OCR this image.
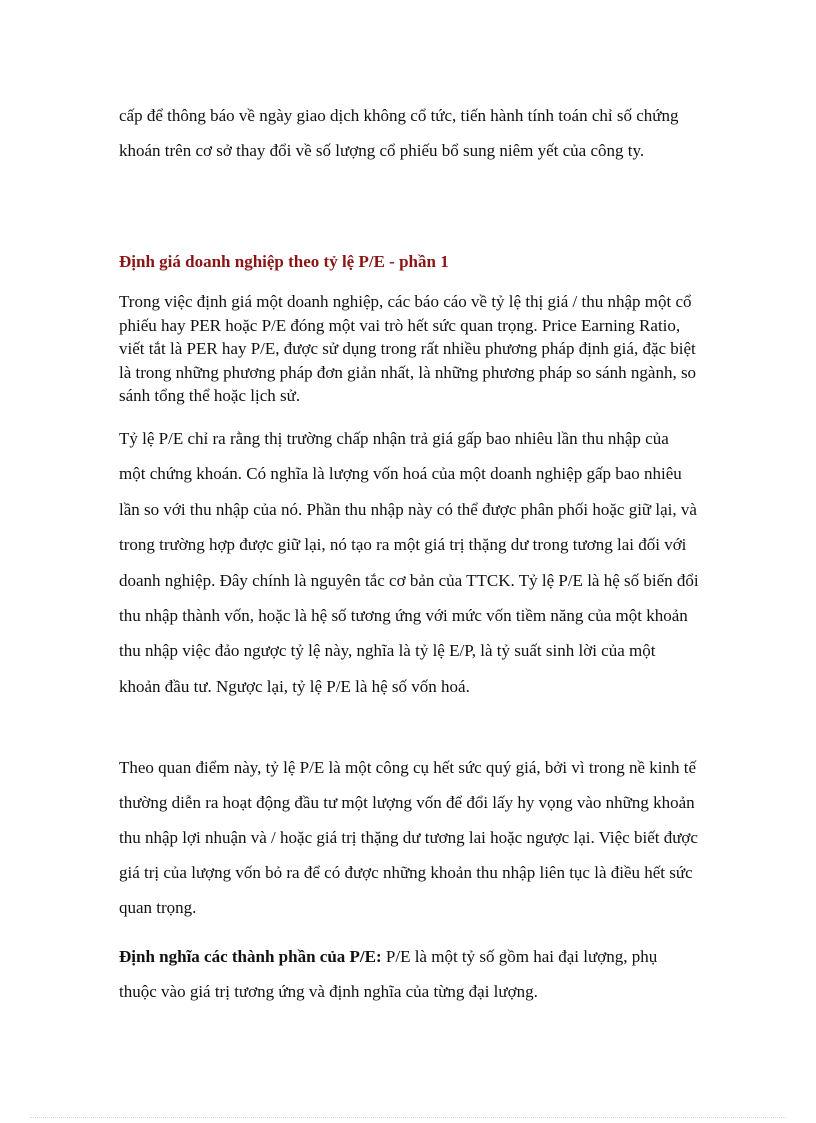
cấp để thông báo về ngày giao dịch không cổ tức, tiến hành tính toán chỉ số chứng khoán trên cơ sở thay đổi về số lượng cổ phiếu bổ sung niêm yết của công ty.

Định giá doanh nghiệp theo tỷ lệ P/E - phần 1

Trong việc định giá một doanh nghiệp, các báo cáo về tỷ lệ thị giá / thu nhập một cổ phiếu hay PER hoặc P/E đóng một vai trò hết sức quan trọng. Price Earning Ratio, viết tắt là PER hay P/E, được sử dụng trong rất nhiều phương pháp định giá, đặc biệt là trong những phương pháp đơn giản nhất, là những phương pháp so sánh ngành, so sánh tổng thể hoặc lịch sử.

Tỷ lệ P/E chỉ ra rằng thị trường chấp nhận trả giá gấp bao nhiêu lần thu nhập của một chứng khoán. Có nghĩa là lượng vốn hoá của một doanh nghiệp gấp bao nhiêu lần so với thu nhập của nó. Phần thu nhập này có thể được phân phối hoặc giữ lại, và trong trường hợp được giữ lại, nó tạo ra một giá trị thặng dư trong tương lai đối với doanh nghiệp. Đây chính là nguyên tắc cơ bản của TTCK. Tỷ lệ P/E là hệ số biến đổi thu nhập thành vốn, hoặc là hệ số tương ứng với mức vốn tiềm năng của một khoản thu nhập việc đảo ngược tỷ lệ này, nghĩa là tỷ lệ E/P, là tỷ suất sinh lời của một khoản đầu tư. Ngược lại, tỷ lệ P/E là hệ số vốn hoá.

Theo quan điểm này, tỷ lệ P/E là một công cụ hết sức quý giá, bởi vì trong nề kinh tế thường diễn ra hoạt động đầu tư một lượng vốn để đổi lấy hy vọng vào những khoản thu nhập lợi nhuận và / hoặc giá trị thặng dư tương lai hoặc ngược lại. Việc biết được giá trị của lượng vốn bỏ ra để có được những khoản thu nhập liên tục là điều hết sức quan trọng.

Định nghĩa các thành phần của P/E: P/E là một tỷ số gồm hai đại lượng, phụ thuộc vào giá trị tương ứng và định nghĩa của từng đại lượng.
